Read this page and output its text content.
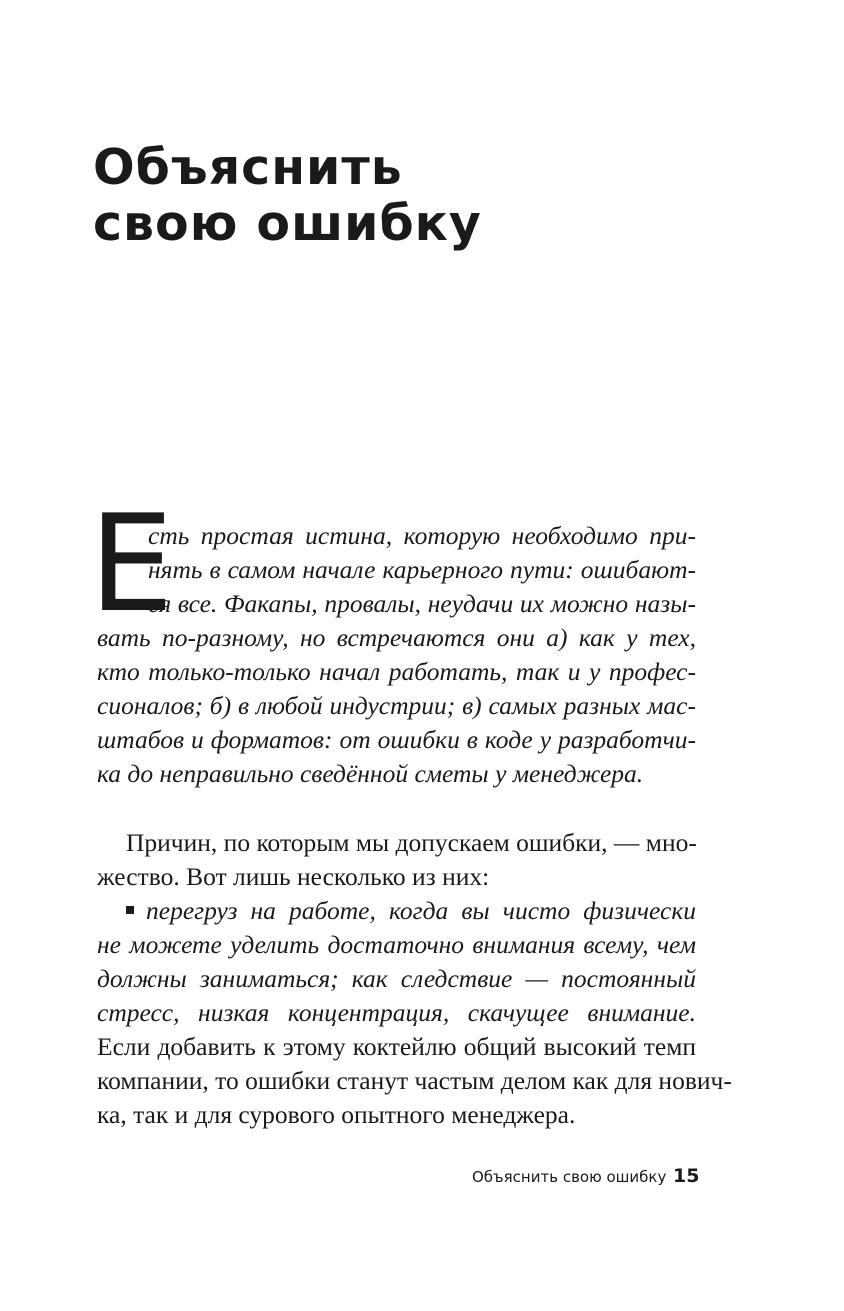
Объяснить
свою ошибку
Е
сть простая истина, которую необходимо при-
нять в самом начале карьерного пути: ошибают-
ся все. Факапы, провалы, неудачи их можно назы-
вать по-разному, но встречаются они а) как у тех,
кто только-только начал работать, так и у профес-
сионалов; б) в любой индустрии; в) самых разных мас-
штабов и форматов: от ошибки в коде у разработчи-
ка до неправильно сведённой сметы у менеджера.
Причин, по которым мы допускаем ошибки, — мно-
жество. Вот лишь несколько из них:
перегруз на работе, когда вы чисто физически
не можете уделить достаточно внимания всему, чем
должны заниматься; как следствие — постоянный
стресс, низкая концентрация, скачущее внимание.
Если добавить к этому коктейлю общий высокий темп
компании, то ошибки станут частым делом как для нович-
ка, так и для сурового опытного менеджера.
Объяснить свою ошибку 15
